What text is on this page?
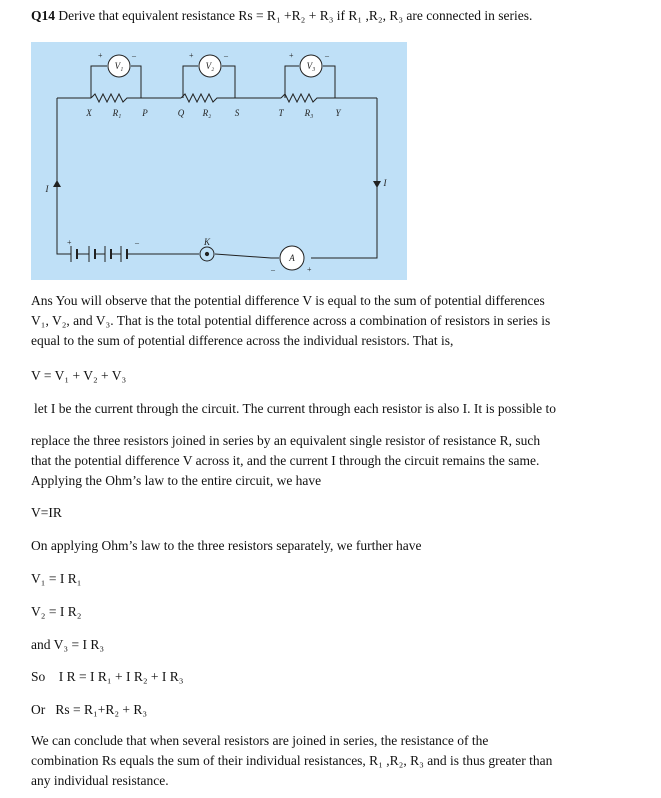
Q14 Derive that equivalent resistance Rs = R₁ +R₂ + R₃ if R₁ ,R₂, R₃ are connected in series.
V₁	V₂	V₃
R₁	R₂	R₃
X	P	Q	S	T	Y
I
I
K
A
+	–	+	–	+	–
+	–
–	+
Ans You will observe that the potential difference V is equal to the sum of potential differences
V₁, V₂, and V₃. That is the total potential difference across a combination of resistors in series is
equal to the sum of potential difference across the individual resistors. That is,
V = V₁ + V₂ + V₃
let I be the current through the circuit. The current through each resistor is also I. It is possible to
replace the three resistors joined in series by an equivalent single resistor of resistance R, such
that the potential difference V across it, and the current I through the circuit remains the same.
Applying the Ohm’s law to the entire circuit, we have
V=IR
On applying Ohm’s law to the three resistors separately, we further have
V₁ = I R₁
V₂ = I R₂
and V₃ = I R₃
So I R = I R₁ + I R₂ + I R₃
Or Rs = R₁+R₂ + R₃
We can conclude that when several resistors are joined in series, the resistance of the
combination Rs equals the sum of their individual resistances, R₁ ,R₂, R₃ and is thus greater than
any individual resistance.
